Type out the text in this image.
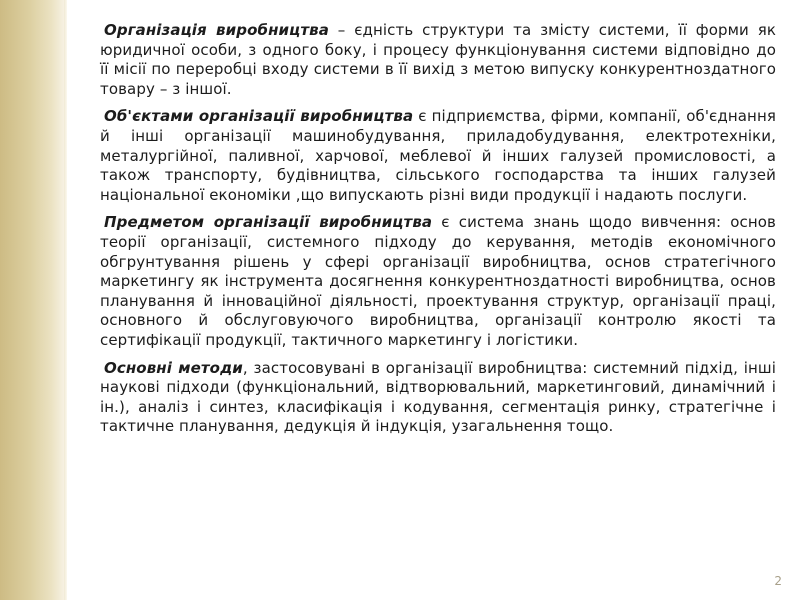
Організація виробництва – єдність структури та змісту системи, її форми як юридичної особи, з одного боку, і процесу функціонування системи відповідно до її місії по переробці входу системи в її вихід з метою випуску конкурентноздатного товару – з іншої.

Об'єктами організації виробництва є підприємства, фірми, компанії, об'єднання й інші організації машинобудування, приладобудування, електротехніки, металургійної, паливної, харчової, меблевої й інших галузей промисловості, а також транспорту, будівництва, сільського господарства та інших галузей національної економіки ,що випускають різні види продукції і надають послуги.

Предметом організації виробництва є система знань щодо вивчення: основ теорії організації, системного підходу до керування, методів економічного обгрунтування рішень у сфері організації виробництва, основ стратегічного маркетингу як інструмента досягнення конкурентноздатності виробництва, основ планування й інноваційної діяльності, проектування структур, організації праці, основного й обслуговуючого виробництва, організації контролю якості та сертифікації продукції, тактичного маркетингу і логістики.

Основні методи, застосовувані в організації виробництва: системний підхід, інші наукові підходи (функціональний, відтворювальний, маркетинговий, динамічний і ін.), аналіз і синтез, класифікація і кодування, сегментація ринку, стратегічне і тактичне планування, дедукція й індукція, узагальнення тощо.

2
